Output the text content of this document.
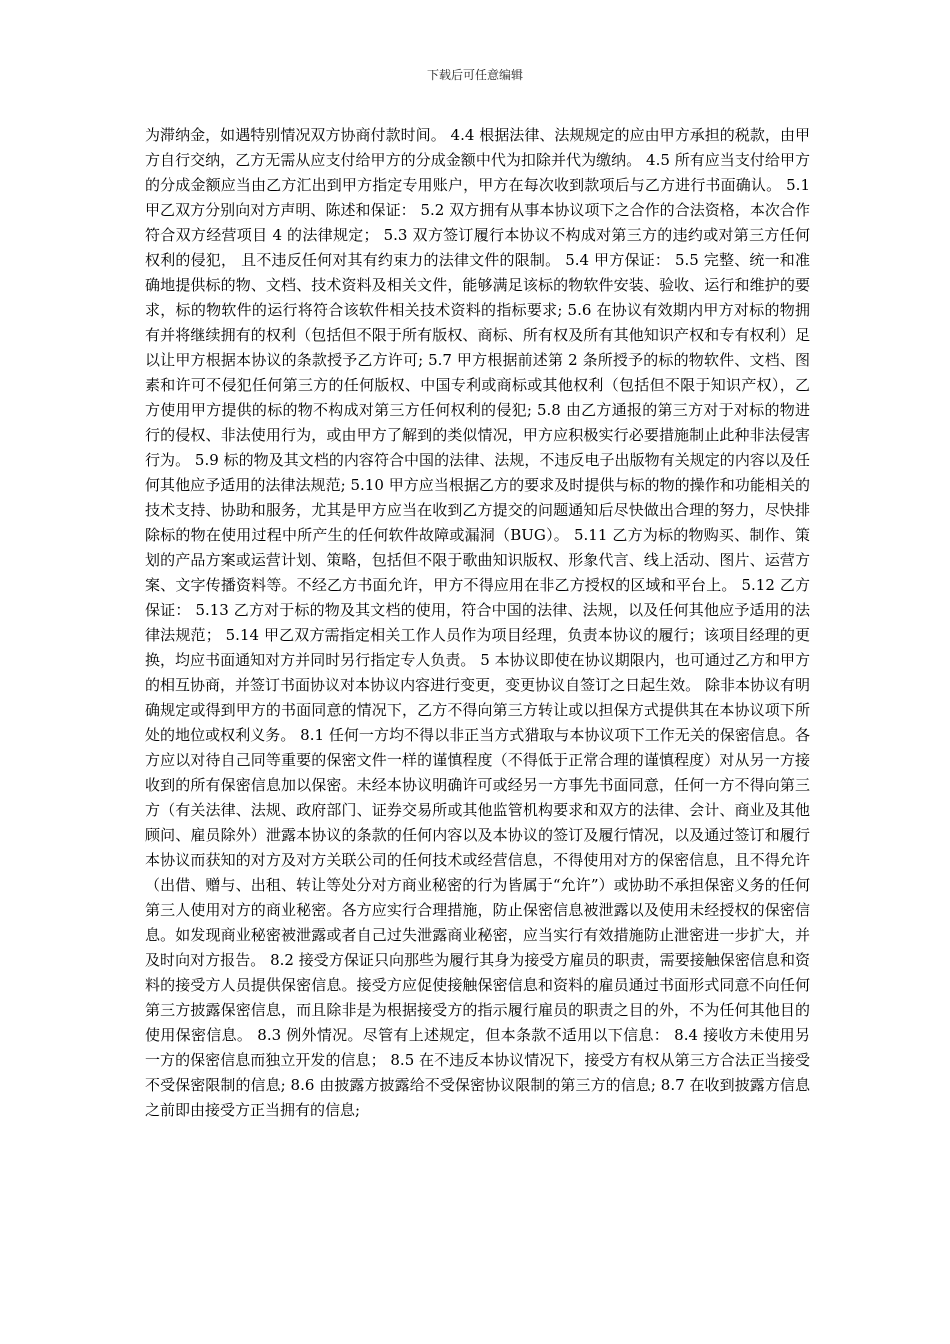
下载后可任意编辑

为滞纳金，如遇特别情况双方协商付款时间。 4.4 根据法律、法规规定的应由甲方承担的税款，由甲方自行交纳，乙方无需从应支付给甲方的分成金额中代为扣除并代为缴纳。 4.5 所有应当支付给甲方的分成金额应当由乙方汇出到甲方指定专用账户，甲方在每次收到款项后与乙方进行书面确认。 5.1 甲乙双方分别向对方声明、陈述和保证： 5.2 双方拥有从事本协议项下之合作的合法资格，本次合作符合双方经营项目 4 的法律规定； 5.3 双方签订履行本协议不构成对第三方的违约或对第三方任何权利的侵犯， 且不违反任何对其有约束力的法律文件的限制。 5.4 甲方保证： 5.5 完整、统一和准确地提供标的物、文档、技术资料及相关文件，能够满足该标的物软件安装、验收、运行和维护的要求，标的物软件的运行将符合该软件相关技术资料的指标要求; 5.6 在协议有效期内甲方对标的物拥有并将继续拥有的权利（包括但不限于所有版权、商标、所有权及所有其他知识产权和专有权利）足以让甲方根据本协议的条款授予乙方许可; 5.7 甲方根据前述第 2 条所授予的标的物软件、文档、图素和许可不侵犯任何第三方的任何版权、中国专利或商标或其他权利（包括但不限于知识产权），乙方使用甲方提供的标的物不构成对第三方任何权利的侵犯; 5.8 由乙方通报的第三方对于对标的物进行的侵权、非法使用行为，或由甲方了解到的类似情况，甲方应积极实行必要措施制止此种非法侵害行为。 5.9 标的物及其文档的内容符合中国的法律、法规，不违反电子出版物有关规定的内容以及任何其他应予适用的法律法规范; 5.10 甲方应当根据乙方的要求及时提供与标的物的操作和功能相关的技术支持、协助和服务，尤其是甲方应当在收到乙方提交的问题通知后尽快做出合理的努力，尽快排除标的物在使用过程中所产生的任何软件故障或漏洞（BUG）。 5.11 乙方为标的物购买、制作、策划的产品方案或运营计划、策略，包括但不限于歌曲知识版权、形象代言、线上活动、图片、运营方案、文字传播资料等。不经乙方书面允许，甲方不得应用在非乙方授权的区域和平台上。 5.12 乙方保证： 5.13 乙方对于标的物及其文档的使用，符合中国的法律、法规，以及任何其他应予适用的法律法规范； 5.14 甲乙双方需指定相关工作人员作为项目经理，负责本协议的履行；该项目经理的更换，均应书面通知对方并同时另行指定专人负责。 5 本协议即使在协议期限内，也可通过乙方和甲方的相互协商，并签订书面协议对本协议内容进行变更，变更协议自签订之日起生效。 除非本协议有明确规定或得到甲方的书面同意的情况下，乙方不得向第三方转让或以担保方式提供其在本协议项下所处的地位或权利义务。 8.1 任何一方均不得以非正当方式猎取与本协议项下工作无关的保密信息。各方应以对待自己同等重要的保密文件一样的谨慎程度（不得低于正常合理的谨慎程度）对从另一方接收到的所有保密信息加以保密。未经本协议明确许可或经另一方事先书面同意，任何一方不得向第三方（有关法律、法规、政府部门、证券交易所或其他监管机构要求和双方的法律、会计、商业及其他顾问、雇员除外）泄露本协议的条款的任何内容以及本协议的签订及履行情况，以及通过签订和履行本协议而获知的对方及对方关联公司的任何技术或经营信息，不得使用对方的保密信息，且不得允许（出借、赠与、出租、转让等处分对方商业秘密的行为皆属于“允许”）或协助不承担保密义务的任何第三人使用对方的商业秘密。各方应实行合理措施，防止保密信息被泄露以及使用未经授权的保密信息。如发现商业秘密被泄露或者自己过失泄露商业秘密，应当实行有效措施防止泄密进一步扩大，并及时向对方报告。 8.2 接受方保证只向那些为履行其身为接受方雇员的职责，需要接触保密信息和资料的接受方人员提供保密信息。接受方应促使接触保密信息和资料的雇员通过书面形式同意不向任何第三方披露保密信息，而且除非是为根据接受方的指示履行雇员的职责之目的外，不为任何其他目的使用保密信息。 8.3 例外情况。尽管有上述规定，但本条款不适用以下信息： 8.4 接收方未使用另一方的保密信息而独立开发的信息； 8.5 在不违反本协议情况下，接受方有权从第三方合法正当接受不受保密限制的信息; 8.6 由披露方披露给不受保密协议限制的第三方的信息; 8.7 在收到披露方信息之前即由接受方正当拥有的信息;
